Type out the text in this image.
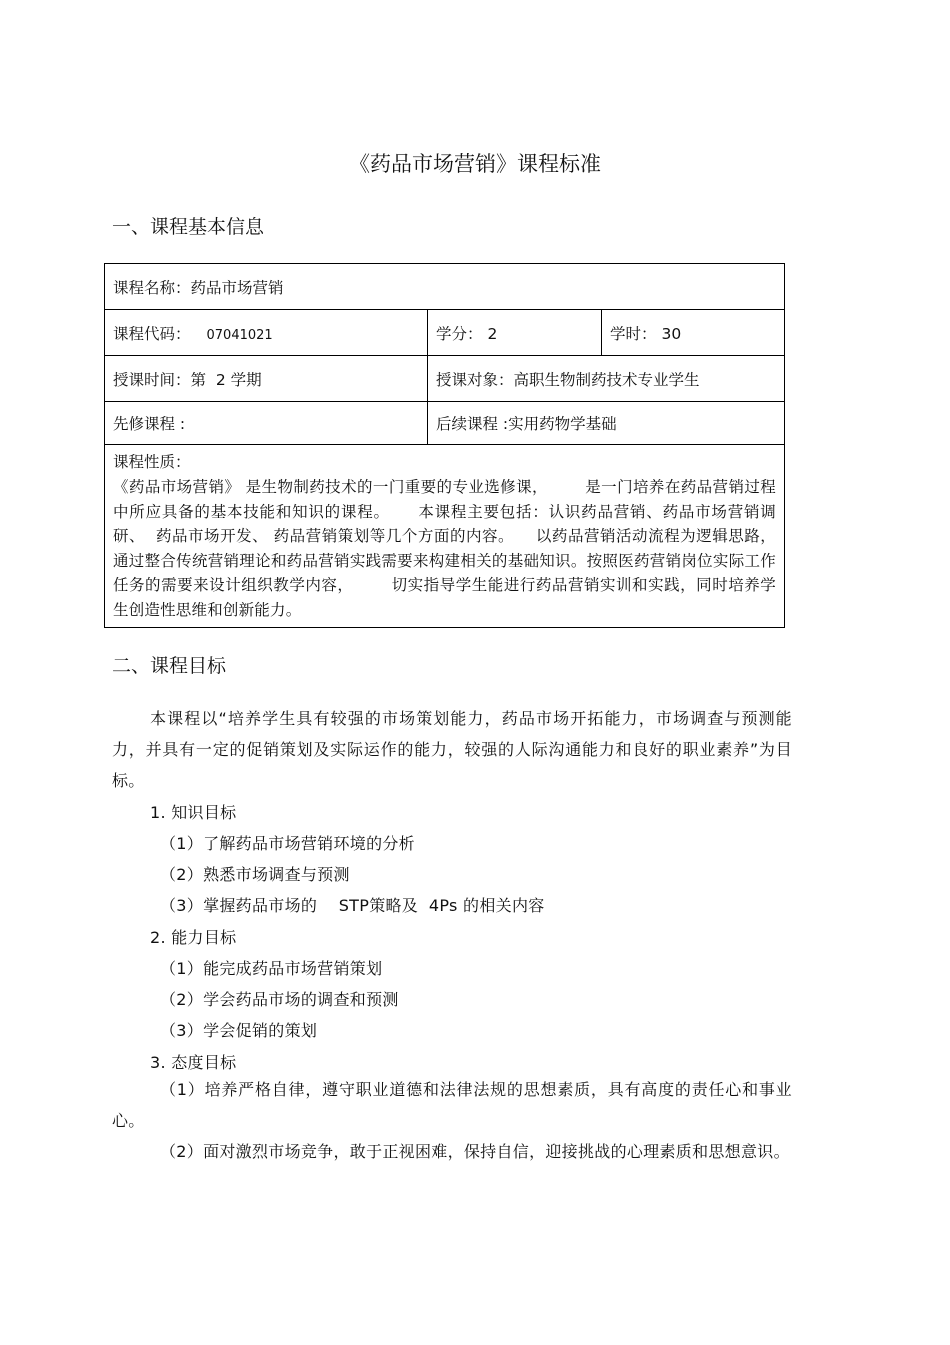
《药品市场营销》课程标准
一、课程基本信息
课程名称：药品市场营销		
课程代码： 07041021	学分： 2	学时： 30
授课时间：第  2 学期	授课对象：高职生物制药技术专业学生	
先修课程 :	后续课程 :实用药物学基础	

课程性质：
《药品市场营销》 是生物制药技术的一门重要的专业选修课，       是一门培养在药品营销过程中所应具备的基本技能和知识的课程。     本课程主要包括：认识药品营销、药品市场营销调研、  药品市场开发、 药品营销策划等几个方面的内容。    以药品营销活动流程为逻辑思路，  通过整合传统营销理论和药品营销实践需要来构建相关的基础知识。按照医药营销岗位实际工作任务的需要来设计组织教学内容，       切实指导学生能进行药品营销实训和实践，同时培养学生创造性思维和创新能力。		
二、课程目标
本课程以“培养学生具有较强的市场策划能力，药品市场开拓能力，市场调查与预测能力，并具有一定的促销策划及实际运作的能力，较强的人际沟通能力和良好的职业素养”为目标。
1. 知识目标
（1）了解药品市场营销环境的分析
（2）熟悉市场调查与预测
（3）掌握药品市场的    STP策略及  4Ps 的相关内容
2. 能力目标
（1）能完成药品市场营销策划
（2）学会药品市场的调查和预测
（3）学会促销的策划
3. 态度目标
（1）培养严格自律，遵守职业道德和法律法规的思想素质，具有高度的责任心和事业心。
（2）面对激烈市场竞争，敢于正视困难，保持自信，迎接挑战的心理素质和思想意识。
